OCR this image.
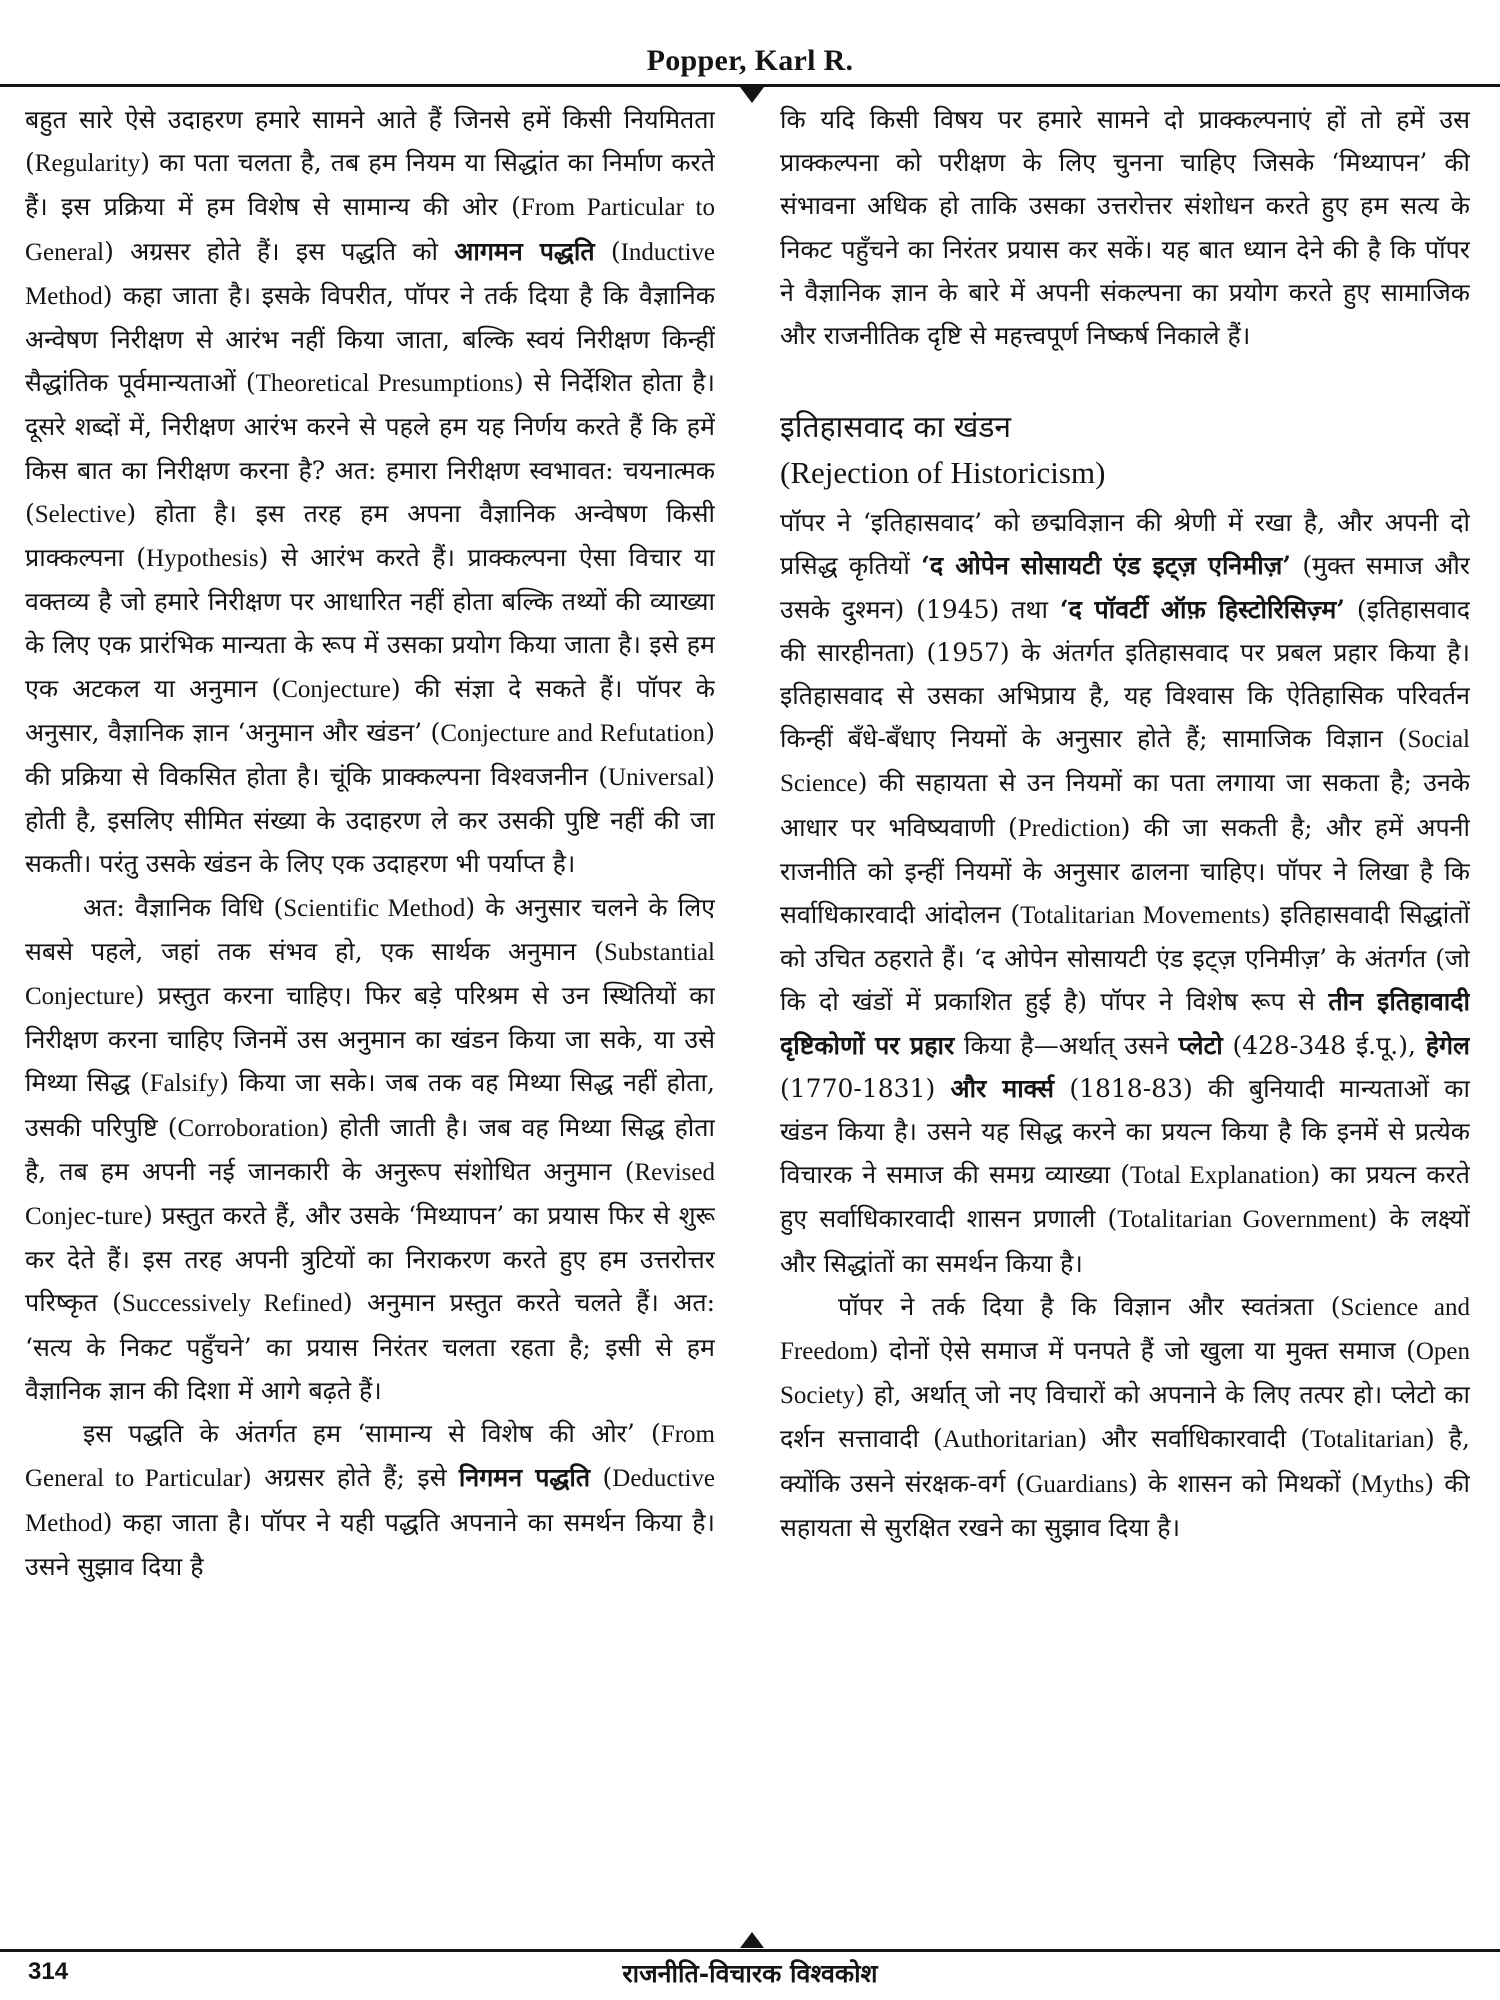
Popper, Karl R.

बहुत सारे ऐसे उदाहरण हमारे सामने आते हैं जिनसे हमें किसी नियमितता (Regularity) का पता चलता है, तब हम नियम या सिद्धांत का निर्माण करते हैं। इस प्रक्रिया में हम विशेष से सामान्य की ओर (From Particular to General) अग्रसर होते हैं। इस पद्धति को आगमन पद्धति (Inductive Method) कहा जाता है। इसके विपरीत, पॉपर ने तर्क दिया है कि वैज्ञानिक अन्वेषण निरीक्षण से आरंभ नहीं किया जाता, बल्कि स्वयं निरीक्षण किन्हीं सैद्धांतिक पूर्वमान्यताओं (Theoretical Presumptions) से निर्देशित होता है। दूसरे शब्दों में, निरीक्षण आरंभ करने से पहले हम यह निर्णय करते हैं कि हमें किस बात का निरीक्षण करना है? अत: हमारा निरीक्षण स्वभावत: चयनात्मक (Selective) होता है। इस तरह हम अपना वैज्ञानिक अन्वेषण किसी प्राक्कल्पना (Hypothesis) से आरंभ करते हैं। प्राक्कल्पना ऐसा विचार या वक्तव्य है जो हमारे निरीक्षण पर आधारित नहीं होता बल्कि तथ्यों की व्याख्या के लिए एक प्रारंभिक मान्यता के रूप में उसका प्रयोग किया जाता है। इसे हम एक अटकल या अनुमान (Conjecture) की संज्ञा दे सकते हैं। पॉपर के अनुसार, वैज्ञानिक ज्ञान ‘अनुमान और खंडन’ (Conjecture and Refutation) की प्रक्रिया से विकसित होता है। चूंकि प्राक्कल्पना विश्वजनीन (Universal) होती है, इसलिए सीमित संख्या के उदाहरण ले कर उसकी पुष्टि नहीं की जा सकती। परंतु उसके खंडन के लिए एक उदाहरण भी पर्याप्त है।

अत: वैज्ञानिक विधि (Scientific Method) के अनुसार चलने के लिए सबसे पहले, जहां तक संभव हो, एक सार्थक अनुमान (Substantial Conjecture) प्रस्तुत करना चाहिए। फिर बड़े परिश्रम से उन स्थितियों का निरीक्षण करना चाहिए जिनमें उस अनुमान का खंडन किया जा सके, या उसे मिथ्या सिद्ध (Falsify) किया जा सके। जब तक वह मिथ्या सिद्ध नहीं होता, उसकी परिपुष्टि (Corroboration) होती जाती है। जब वह मिथ्या सिद्ध होता है, तब हम अपनी नई जानकारी के अनुरूप संशोधित अनुमान (Revised Conjec-ture) प्रस्तुत करते हैं, और उसके ‘मिथ्यापन’ का प्रयास फिर से शुरू कर देते हैं। इस तरह अपनी त्रुटियों का निराकरण करते हुए हम उत्तरोत्तर परिष्कृत (Successively Refined) अनुमान प्रस्तुत करते चलते हैं। अत: ‘सत्य के निकट पहुँचने’ का प्रयास निरंतर चलता रहता है; इसी से हम वैज्ञानिक ज्ञान की दिशा में आगे बढ़ते हैं।

इस पद्धति के अंतर्गत हम ‘सामान्य से विशेष की ओर’ (From General to Particular) अग्रसर होते हैं; इसे निगमन पद्धति (Deductive Method) कहा जाता है। पॉपर ने यही पद्धति अपनाने का समर्थन किया है। उसने सुझाव दिया है

कि यदि किसी विषय पर हमारे सामने दो प्राक्कल्पनाएं हों तो हमें उस प्राक्कल्पना को परीक्षण के लिए चुनना चाहिए जिसके ‘मिथ्यापन’ की संभावना अधिक हो ताकि उसका उत्तरोत्तर संशोधन करते हुए हम सत्य के निकट पहुँचने का निरंतर प्रयास कर सकें। यह बात ध्यान देने की है कि पॉपर ने वैज्ञानिक ज्ञान के बारे में अपनी संकल्पना का प्रयोग करते हुए सामाजिक और राजनीतिक दृष्टि से महत्त्वपूर्ण निष्कर्ष निकाले हैं।

इतिहासवाद का खंडन
(Rejection of Historicism)

पॉपर ने ‘इतिहासवाद’ को छद्मविज्ञान की श्रेणी में रखा है, और अपनी दो प्रसिद्ध कृतियों ‘द ओपेन सोसायटी एंड इट्ज़ एनिमीज़’ (मुक्त समाज और उसके दुश्मन) (1945) तथा ‘द पॉवर्टी ऑफ़ हिस्टोरिसिज़्म’ (इतिहासवाद की सारहीनता) (1957) के अंतर्गत इतिहासवाद पर प्रबल प्रहार किया है। इतिहासवाद से उसका अभिप्राय है, यह विश्वास कि ऐतिहासिक परिवर्तन किन्हीं बँधे-बँधाए नियमों के अनुसार होते हैं; सामाजिक विज्ञान (Social Science) की सहायता से उन नियमों का पता लगाया जा सकता है; उनके आधार पर भविष्यवाणी (Prediction) की जा सकती है; और हमें अपनी राजनीति को इन्हीं नियमों के अनुसार ढालना चाहिए। पॉपर ने लिखा है कि सर्वाधिकारवादी आंदोलन (Totalitarian Movements) इतिहासवादी सिद्धांतों को उचित ठहराते हैं। ‘द ओपेन सोसायटी एंड इट्ज़ एनिमीज़’ के अंतर्गत (जो कि दो खंडों में प्रकाशित हुई है) पॉपर ने विशेष रूप से तीन इतिहावादी दृष्टिकोणों पर प्रहार किया है—अर्थात् उसने प्लेटो (428-348 ई.पू.), हेगेल (1770-1831) और मार्क्स (1818-83) की बुनियादी मान्यताओं का खंडन किया है। उसने यह सिद्ध करने का प्रयत्न किया है कि इनमें से प्रत्येक विचारक ने समाज की समग्र व्याख्या (Total Explanation) का प्रयत्न करते हुए सर्वाधिकारवादी शासन प्रणाली (Totalitarian Government) के लक्ष्यों और सिद्धांतों का समर्थन किया है।

पॉपर ने तर्क दिया है कि विज्ञान और स्वतंत्रता (Science and Freedom) दोनों ऐसे समाज में पनपते हैं जो खुला या मुक्त समाज (Open Society) हो, अर्थात् जो नए विचारों को अपनाने के लिए तत्पर हो। प्लेटो का दर्शन सत्तावादी (Authoritarian) और सर्वाधिकारवादी (Totalitarian) है, क्योंकि उसने संरक्षक-वर्ग (Guardians) के शासन को मिथकों (Myths) की सहायता से सुरक्षित रखने का सुझाव दिया है।

314	राजनीति-विचारक विश्वकोश
